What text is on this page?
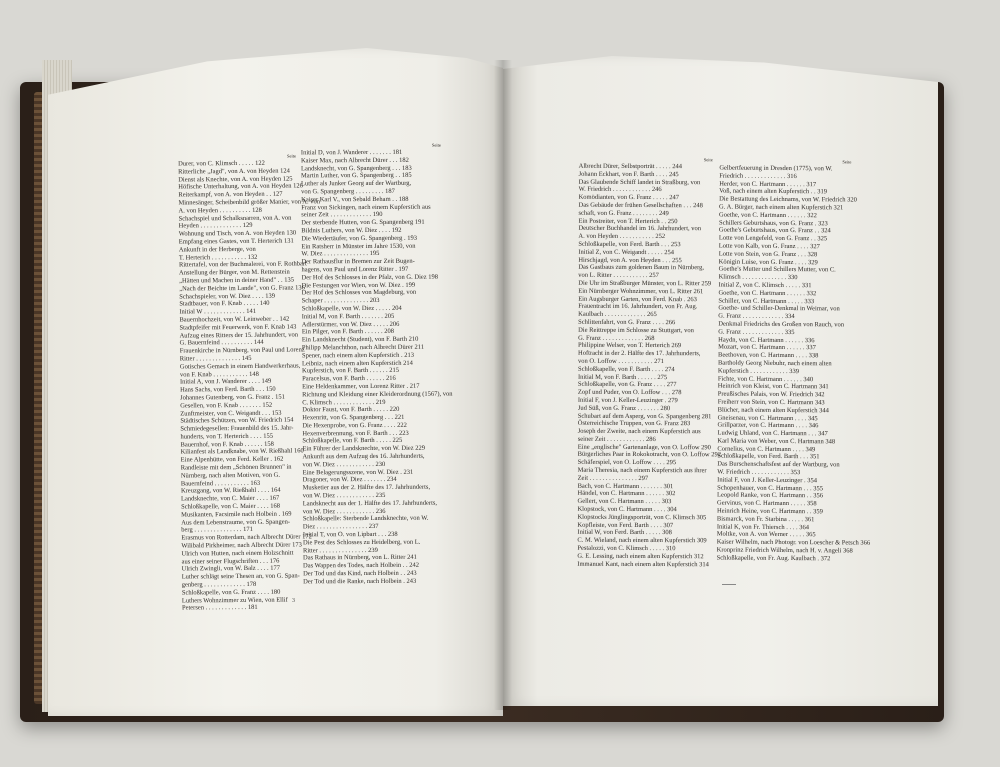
Seite
Durer, von C. Klimsch . . . . . 122
Ritterliche „Jagd", von A. von Heyden 124
Dienst als Knechte, von A. von Heyden 125
Höfische Unterhaltung, von A. von Heyden 126
Reiterkampf, von A. von Heyden . . 127
Minnesänger, Scheibenbild größer Manier, von A. von
A. von Heyden . . . . . . . . . . 128
Schachspiel und Schalksnarren, von A. von
Heyden . . . . . . . . . . . . . 129
Wohnung und Tisch, von A. von Heyden 130
Empfang eines Gastes, von T. Herterich 131
Ankunft in der Herberge, von
T. Herterich . . . . . . . . . . . 132
Rittertafel, von der Buchmalerei, von F. Rothbart
Anstellung der Bürger, von M. Rettenstein
„Hätten und Machen in deiner Hand" . . 135
„Nach der Beichte im Lande", von G. Franz 136
Schachspieler, von W. Diez . . . . 139
Stadtbauer, von F. Knab . . . . . 140
Initial W . . . . . . . . . . . . . 141
Bauernhochzeit, von W. Leinweber . . 142
Stadtpfeifer mit Feuerwerk, von F. Knab 143
Aufzug eines Ritters der 15. Jahrhundert, von
G. Bauernfeind . . . . . . . . . . 144
Frauenkirche in Nürnberg, von Paul und Lorenz
Ritter . . . . . . . . . . . . . . 145
Gotisches Gemach in einem Handwerkerhaus,
von F. Knab . . . . . . . . . . . 148
Initial A, von J. Wanderer . . . . 149
Hans Sachs, von Ferd. Barth . . . 150
Johannes Gutenberg, von G. Franz . 151
Gesellen, von F. Knab . . . . . . . 152
Zunftmeister, von C. Weigandt . . . 153
Städtisches Schützen, von W. Friedrich 154
Schmiedegesellen: Frauenbild des 15. Jahr-
hunderts, von T. Herterich . . . . 155
Bauernhof, von F. Knab . . . . . . 158
Kilianfest als Landknabe, von W. Rießhahl 160
Eine Alpenhütte, von Ferd. Keller . 162
Randleiste mit dem „Schönen Brunnen" in
Nürnberg, nach alten Motiven, von G.
Bauernfeind . . . . . . . . . . . 163
Kreuzgang, von W. Rießhahl . . . . 164
Landsknechte, von C. Maier . . . . 167
Schloßkapelle, von C. Maier . . . . 168
Musikanten, Facsimile nach Holbein . 169
Aus dem Lebenstraume, von G. Spangen-
berg . . . . . . . . . . . . . . . 171
Erasmus von Rotterdam, nach Albrecht Dürer 172
Wilibald Pirkheimer, nach Albrecht Dürer 173
Ulrich von Hutten, nach einem Holzschnitt
aus einer seiner Flugschriften . . . 176
Ulrich Zwingli, von W. Balz . . . . 177
Luther schlägt seine Thesen an, von G. Span-
genberg . . . . . . . . . . . . . 178
Schloßkapelle, von G. Franz . . . . 180
Luthers Wohnzimmer zu Wien, von Ellif
Petersen . . . . . . . . . . . . . 181
Seite
Initial D, von J. Wanderer . . . . . . . 181
Kaiser Max, nach Albrecht Dürer . . . 182
Landsknecht, von G. Spangenberg . . . 183
Martin Luther, von G. Spangenberg . . 185
Luther als Junker Georg auf der Wartburg,
von G. Spangenberg . . . . . . . . . 187
Kaiser Karl V., von Sebald Beham . . 188
Franz von Sickingen, nach einem Kupferstich aus
seiner Zeit . . . . . . . . . . . . . 190
Der sterbende Hutten, von G. Spangenberg 191
Bildnis Luthers, von W. Diez . . . . 192
Die Wiedertäufer, von G. Spangenberg . 193
Ein Ratsherr in Münster im Jahre 1530, von
W. Diez . . . . . . . . . . . . . . 195
Der Rathausflur in Bremen zur Zeit Bugen-
hagens, von Paul und Lorenz Ritter . 197
Der Hof des Schlosses in der Pfalz, von G. Diez 198
Die Festungen vor Wien, von W. Diez . 199
Der Hof des Schlosses von Magdeburg, von
Schaper . . . . . . . . . . . . . . 203
Schloßkapelle, von W. Diez . . . . . 204
Initial M, von F. Barth . . . . . . . 205
Adlerstürmer, von W. Diez . . . . . 206
Ein Pilger, von F. Barth . . . . . . 208
Ein Landsknecht (Student), von F. Barth 210
Philipp Melanchthon, nach Albrecht Dürer 211
Spener, nach einem alten Kupferstich . 213
Leibniz, nach einem alten Kupferstich 214
Kupferstich, von F. Barth . . . . . . 215
Paracelsus, von F. Barth . . . . . . 216
Eine Heldenkammer, von Lorenz Ritter . 217
Richtung und Kleidung einer Kleiderordnung (1567), von
C. Klimsch . . . . . . . . . . . . . 219
Doktor Faust, von F. Barth . . . . . 220
Hexenritt, von G. Spangenberg . . . 221
Die Hexenprobe, von G. Franz . . . . 222
Hexenverbrennung, von F. Barth . . . 223
Schloßkapelle, von F. Barth . . . . . 225
Ein Führer der Landsknechte, von W. Diez 229
Ankunft aus dem Aufzug des 16. Jahrhunderts,
von W. Diez . . . . . . . . . . . . 230
Eine Belagerungsszene, von W. Diez . 231
Dragoner, von W. Diez . . . . . . . 234
Musketier aus der 2. Hälfte des 17. Jahrhunderts,
von W. Diez . . . . . . . . . . . . 235
Landsknecht aus der 1. Hälfte des 17. Jahrhunderts,
von W. Diez . . . . . . . . . . . . 236
Schloßkapelle: Sterbende Landsknechte, von W.
Diez . . . . . . . . . . . . . . . . 237
Initial T, von O. von Lipbart . . . 238
Die Pest des Schlosses zu Heidelberg, von L.
Ritter . . . . . . . . . . . . . . . 239
Das Rathaus in Nürnberg, von L. Ritter 241
Das Wappen des Todes, nach Holbein . . 242
Der Tod und das Kind, nach Holbein . . 243
Der Tod und die Ranke, nach Holbein . 243
Seite
Albrecht Dürer, Selbstporträt . . . . . 244
Johann Eckhart, von F. Barth . . . . 245
Das Glaubende Schiff landet in Straßburg, von
W. Friedrich . . . . . . . . . . . . 246
Komödianten, von G. Franz . . . . . 247
Das Gebäude der frühen Gesellschaften . . . 248
schaft, von G. Franz . . . . . . . . 249
Ein Postreiter, von T. Herterich . . 250
Deutscher Buchhandel im 16. Jahrhundert, von
A. von Heyden . . . . . . . . . . . 252
Schloßkapelle, von Ferd. Barth . . . 253
Initial Z, von C. Weigandt . . . . . 254
Hirschjagd, von A. von Heyden . . . 255
Das Gastbaus zum goldenen Baum in Nürnberg,
von L. Ritter . . . . . . . . . . . 257
Die Uhr im Straßburger Münster, von L. Ritter 259
Ein Nürnberger Wohnzimmer, von L. Ritter 261
Ein Augsburger Garten, von Ferd. Knab . 263
Frauentracht im 16. Jahrhundert, von Fr. Aug.
Kaulbach . . . . . . . . . . . . . 265
Schlittenfahrt, von G. Franz . . . . 266
Die Reittreppe im Schlosse zu Stuttgart, von
G. Franz . . . . . . . . . . . . . 268
Philippine Welser, von T. Herterich 269
Hoftracht in der 2. Hälfte des 17. Jahrhunderts,
von O. Loffow . . . . . . . . . . . 271
Schloßkapelle, von F. Barth . . . . 274
Initial M, von F. Barth . . . . . . 275
Schloßkapelle, von G. Franz . . . . 277
Zopf und Puder, von O. Loffow . . . 278
Initial F, von J. Keller-Leuzinger . 279
Jud Süß, von G. Franz . . . . . . . 280
Schubart auf dem Asperg, von G. Spangenberg 281
Österreichische Truppen, von G. Franz 283
Joseph der Zweite, nach einem Kupferstich aus
seiner Zeit . . . . . . . . . . . . 286
Eine „englische" Gartenanlage, von O. Loffow 290
Bürgerliches Paar in Rokokotracht, von O. Loffow 292
Schäferspiel, von O. Loffow . . . . 295
Maria Theresia, nach einem Kupferstich aus ihrer
Zeit . . . . . . . . . . . . . . . 297
Bach, von C. Hartmann . . . . . . . 301
Händel, von C. Hartmann . . . . . . 302
Gellert, von C. Hartmann . . . . . 303
Klopstock, von C. Hartmann . . . . 304
Klopstocks Jünglingsporträt, von C. Klimsch 305
Kopfleiste, von Ferd. Barth . . . . 307
Initial W, von Ferd. Barth . . . . . 308
C. M. Wieland, nach einem alten Kupferstich 309
Pestalozzi, von C. Klimsch . . . . . 310
G. E. Lessing, nach einem alten Kupferstich 312
Immanuel Kant, nach einem alten Kupferstich 314
Seite
Gelbertfeuerung in Dresden (1775), von W.
Friedrich . . . . . . . . . . . . . 316
Herder, von C. Hartmann . . . . . . 317
Voß, nach einem alten Kupferstich . . 319
Die Bestattung des Leichnams, von W. Friedrich 320
G. A. Bürger, nach einem alten Kupferstich 321
Goethe, von C. Hartmann . . . . . . 322
Schillers Geburtshaus, von G. Franz . 323
Goethe's Geburtshaus, von G. Franz . . 324
Lotte von Lengefeld, von G. Franz . . 325
Lotte von Kalb, von G. Franz . . . . 327
Lotte von Stein, von G. Franz . . . 328
Königin Luise, von G. Franz . . . . 329
Goethe's Mutter und Schillers Mutter, von C.
Klimsch . . . . . . . . . . . . . . 330
Initial Z, von C. Klimsch . . . . . 331
Goethe, von C. Hartmann . . . . . . 332
Schiller, von C. Hartmann . . . . . 333
Goethe- und Schiller-Denkmal in Weimar, von
G. Franz . . . . . . . . . . . . . 334
Denkmal Friedrichs des Großen von Rauch, von
G. Franz . . . . . . . . . . . . . 335
Haydn, von C. Hartmann . . . . . . 336
Mozart, von C. Hartmann . . . . . . 337
Beethoven, von C. Hartmann . . . . 338
Bartholdy Georg Niebuhr, nach einem alten
Kupferstich . . . . . . . . . . . . 339
Fichte, von C. Hartmann . . . . . . 340
Heinrich von Kleist, von C. Hartmann 341
Preußisches Palais, von W. Friedrich 342
Freiherr von Stein, von C. Hartmann 343
Blücher, nach einem alten Kupferstich 344
Gneisenau, von C. Hartmann . . . . 345
Grillparzer, von C. Hartmann . . . . 346
Ludwig Uhland, von C. Hartmann . . . 347
Karl Maria von Weber, von C. Hartmann 348
Cornelius, von C. Hartmann . . . . 349
Schloßkapelle, von Ferd. Barth . . . 351
Das Burschenschaftsfest auf der Wartburg, von
W. Friedrich . . . . . . . . . . . . 353
Initial F, von J. Keller-Leuzinger . 354
Schopenhauer, von C. Hartmann . . . 355
Leopold Ranke, von C. Hartmann . . 356
Gervinus, von C. Hartmann . . . . . 358
Heinrich Heine, von C. Hartmann . . 359
Bismarck, von Fr. Starbina . . . . . 361
Initial K, von Fr. Thiersch . . . . 364
Moltke, von A. von Werner . . . . . 365
Kaiser Wilhelm, nach Photogr. von Loescher & Petsch 366
Kronprinz Friedrich Wilhelm, nach H. v. Angeli 368
Schloßkapelle, von Fr. Aug. Kaulbach . 372
3
